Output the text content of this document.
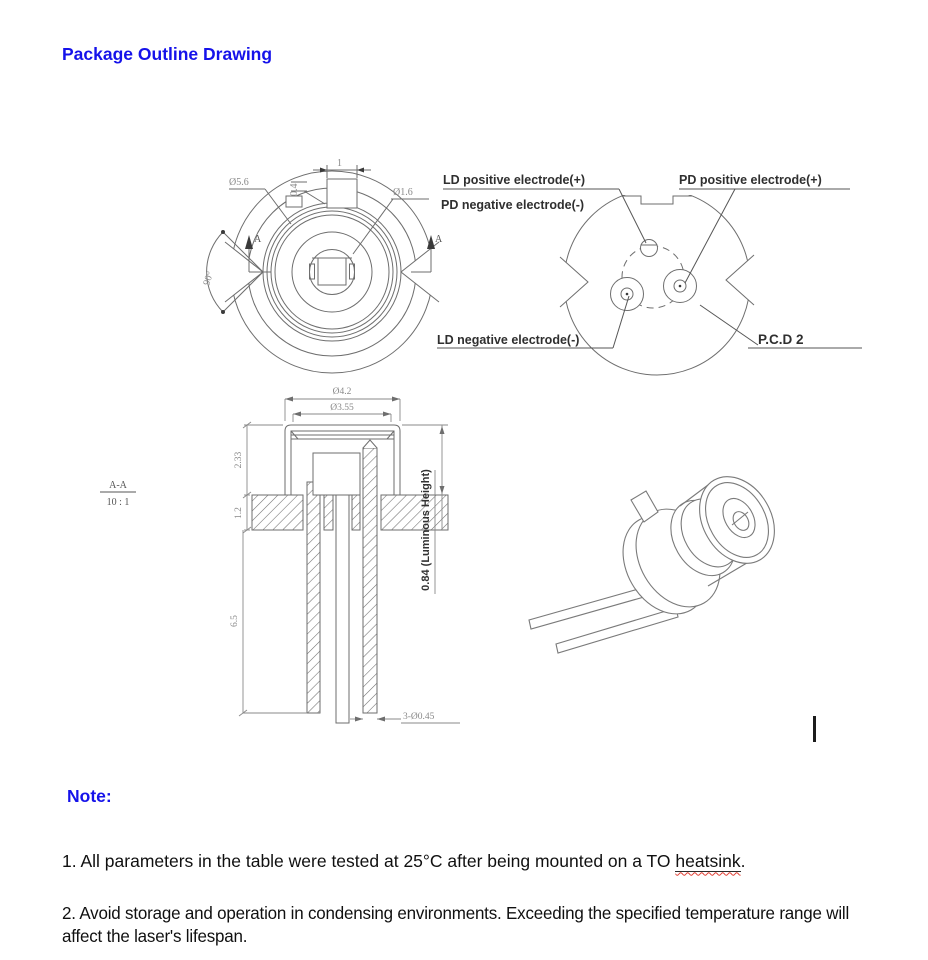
Package Outline Drawing
Ø5.6
Ø1.6
1
0.4
90°
A	A
LD positive electrode(+)
PD negative electrode(-)
PD positive electrode(+)
LD negative electrode(-)	P.C.D 2
Ø4.2
Ø3.55
2.33
1.2
6.5
3-Ø0.45
0.84 (Luminous Height)
A-A
10 : 1
Note:

1. All parameters in the table were tested at 25°C after being mounted on a TO heatsink.

2. Avoid storage and operation in condensing environments. Exceeding the specified temperature range will affect the laser's lifespan.
